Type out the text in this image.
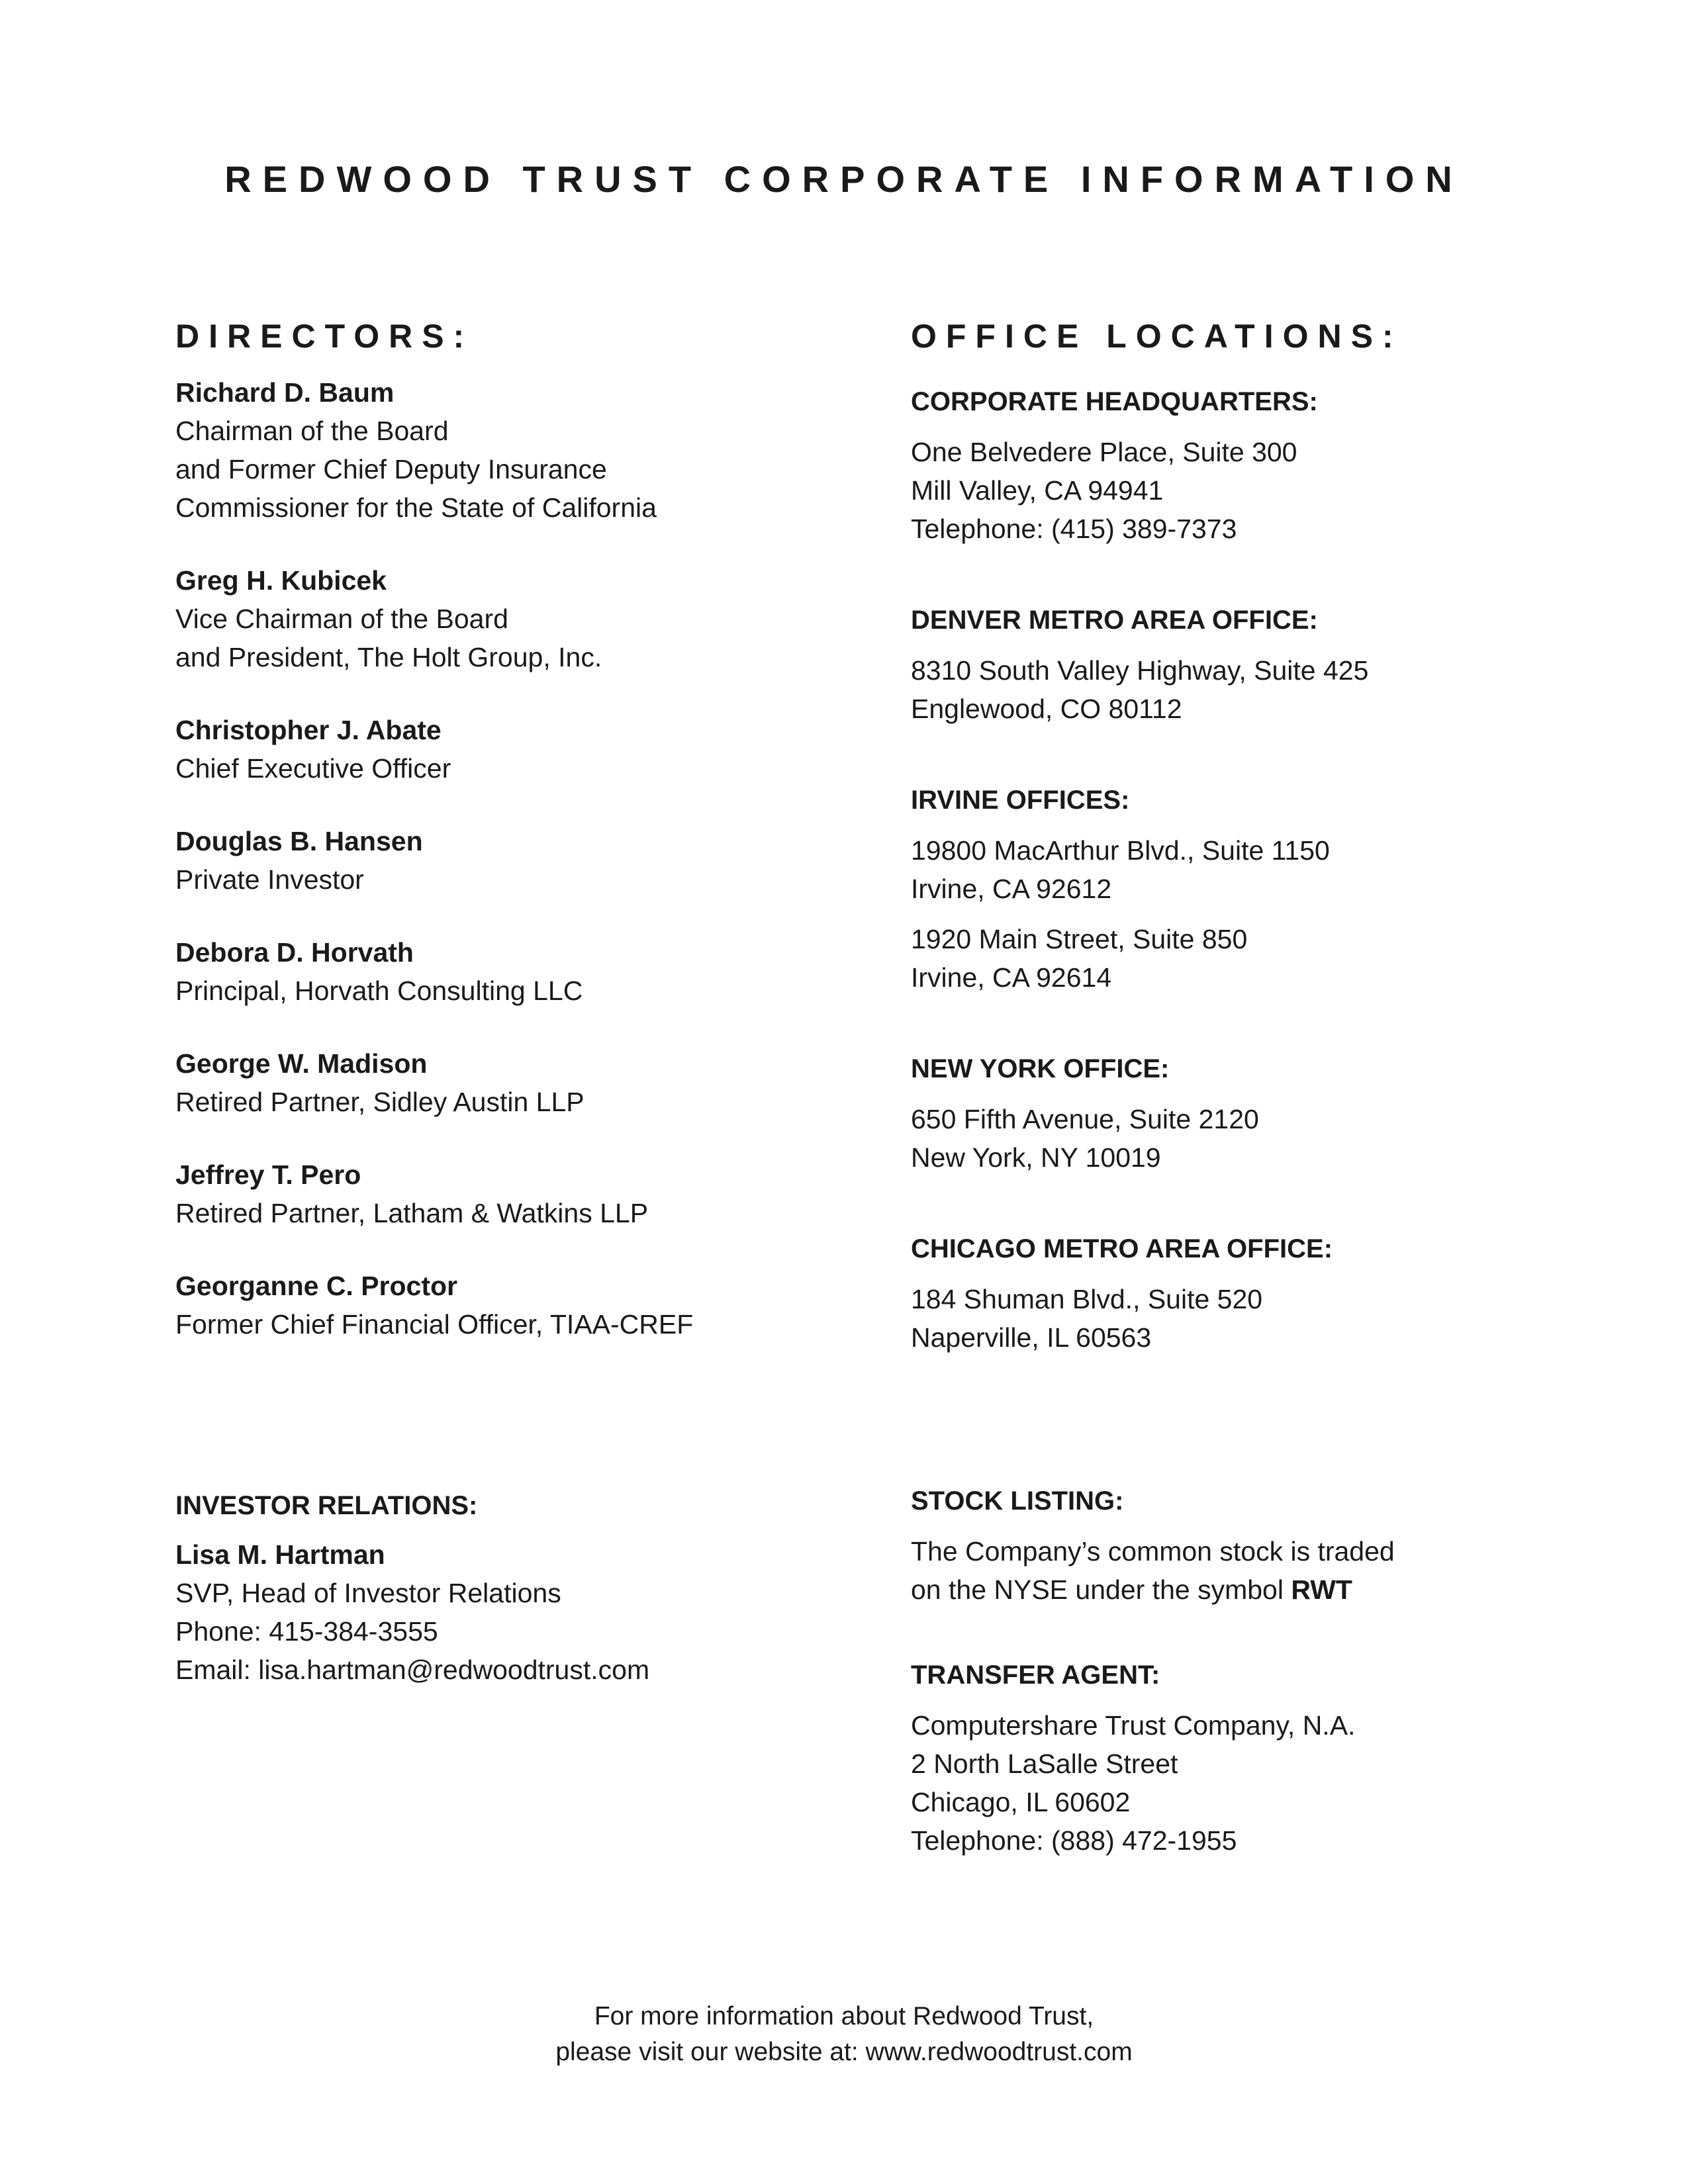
REDWOOD TRUST CORPORATE INFORMATION
DIRECTORS:
Richard D. Baum
Chairman of the Board
and Former Chief Deputy Insurance
Commissioner for the State of California
Greg H. Kubicek
Vice Chairman of the Board
and President, The Holt Group, Inc.
Christopher J. Abate
Chief Executive Officer
Douglas B. Hansen
Private Investor
Debora D. Horvath
Principal, Horvath Consulting LLC
George W. Madison
Retired Partner, Sidley Austin LLP
Jeffrey T. Pero
Retired Partner, Latham & Watkins LLP
Georganne C. Proctor
Former Chief Financial Officer, TIAA-CREF
OFFICE LOCATIONS:
CORPORATE HEADQUARTERS:
One Belvedere Place, Suite 300
Mill Valley, CA 94941
Telephone: (415) 389-7373
DENVER METRO AREA OFFICE:
8310 South Valley Highway, Suite 425
Englewood, CO 80112
IRVINE OFFICES:
19800 MacArthur Blvd., Suite 1150
Irvine, CA 92612
1920 Main Street, Suite 850
Irvine, CA 92614
NEW YORK OFFICE:
650 Fifth Avenue, Suite 2120
New York, NY 10019
CHICAGO METRO AREA OFFICE:
184 Shuman Blvd., Suite 520
Naperville, IL 60563
INVESTOR RELATIONS:
Lisa M. Hartman
SVP, Head of Investor Relations
Phone: 415-384-3555
Email: lisa.hartman@redwoodtrust.com
STOCK LISTING:
The Company’s common stock is traded
on the NYSE under the symbol RWT
TRANSFER AGENT:
Computershare Trust Company, N.A.
2 North LaSalle Street
Chicago, IL 60602
Telephone: (888) 472-1955
For more information about Redwood Trust,
please visit our website at: www.redwoodtrust.com
